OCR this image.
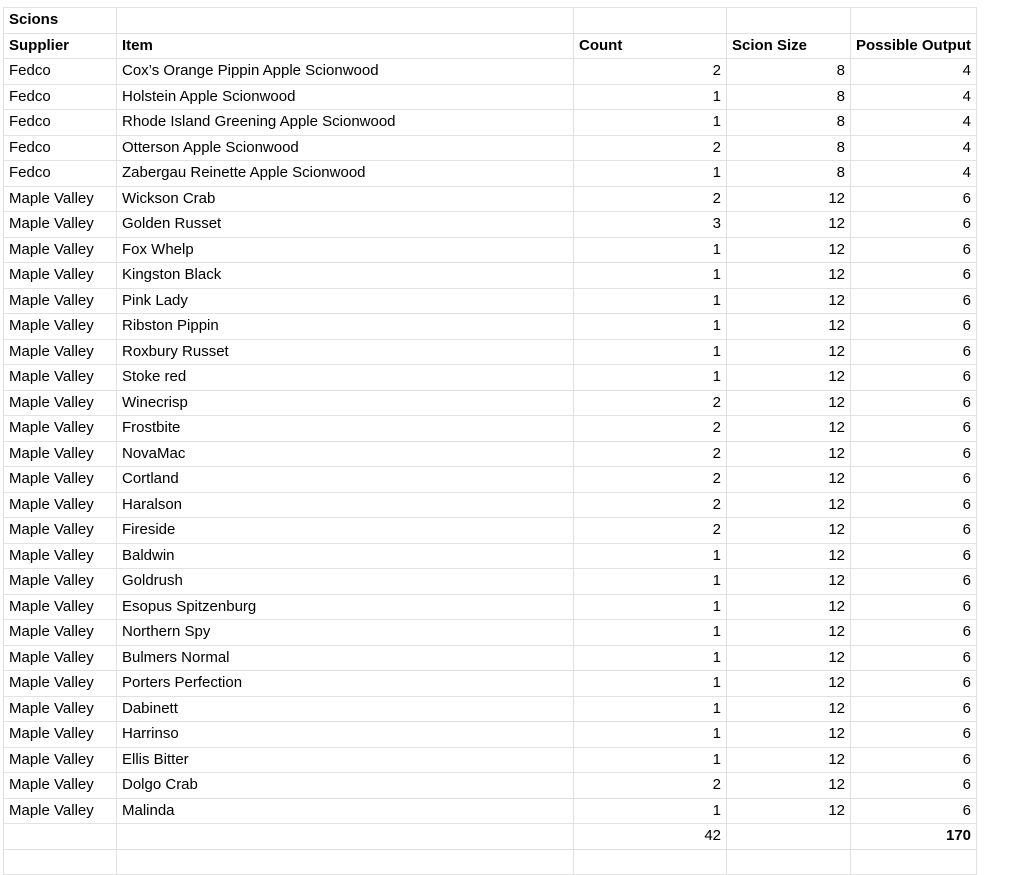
Scions				
Supplier	Item	Count	Scion Size	Possible Output
Fedco	Cox’s Orange Pippin Apple Scionwood	2	8	4
Fedco	Holstein Apple Scionwood	1	8	4
Fedco	Rhode Island Greening Apple Scionwood	1	8	4
Fedco	Otterson Apple Scionwood	2	8	4
Fedco	Zabergau Reinette Apple Scionwood	1	8	4
Maple Valley	Wickson Crab	2	12	6
Maple Valley	Golden Russet	3	12	6
Maple Valley	Fox Whelp	1	12	6
Maple Valley	Kingston Black	1	12	6
Maple Valley	Pink Lady	1	12	6
Maple Valley	Ribston Pippin	1	12	6
Maple Valley	Roxbury Russet	1	12	6
Maple Valley	Stoke red	1	12	6
Maple Valley	Winecrisp	2	12	6
Maple Valley	Frostbite	2	12	6
Maple Valley	NovaMac	2	12	6
Maple Valley	Cortland	2	12	6
Maple Valley	Haralson	2	12	6
Maple Valley	Fireside	2	12	6
Maple Valley	Baldwin	1	12	6
Maple Valley	Goldrush	1	12	6
Maple Valley	Esopus Spitzenburg	1	12	6
Maple Valley	Northern Spy	1	12	6
Maple Valley	Bulmers Normal	1	12	6
Maple Valley	Porters Perfection	1	12	6
Maple Valley	Dabinett	1	12	6
Maple Valley	Harrinso	1	12	6
Maple Valley	Ellis Bitter	1	12	6
Maple Valley	Dolgo Crab	2	12	6
Maple Valley	Malinda	1	12	6
		42		170
